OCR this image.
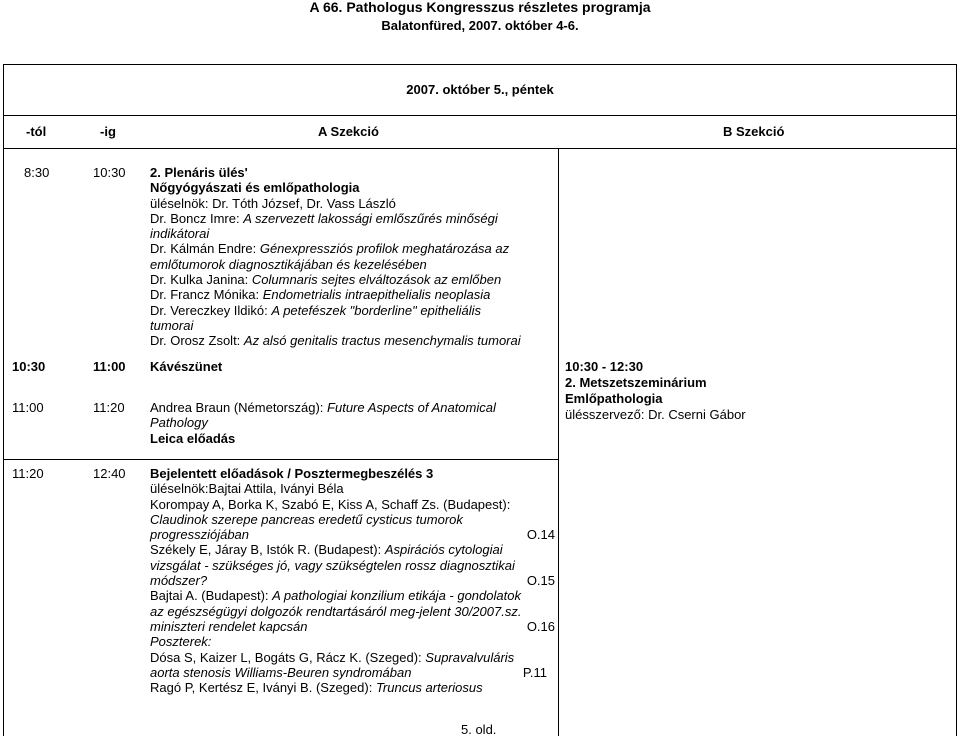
A 66. Pathologus Kongresszus részletes programja
Balatonfüred, 2007. október 4-6.
2007. október 5., péntek
-tól	-ig	A Szekció	B Szekció
8:30	10:30 2. Plenáris ülés'
Nőgyógyászati és emlőpathologia
üléselnök: Dr. Tóth József, Dr. Vass László
Dr. Boncz Imre: A szervezett lakossági emlőszűrés minőségi
indikátorai
Dr. Kálmán Endre: Génexpressziós profilok meghatározása az
emlőtumorok diagnosztikájában és kezelésében
Dr. Kulka Janina: Columnaris sejtes elváltozások az emlőben
Dr. Francz Mónika: Endometrialis intraepithelialis neoplasia
Dr. Vereczkey Ildikó: A petefészek "borderline" epitheliális
tumorai
Dr. Orosz Zsolt: Az alsó genitalis tractus mesenchymalis tumorai
10:30	11:00 Kávészünet	10:30 - 12:30
2. Metszetszeminárium
Emlőpathologia
ülésszervező: Dr. Cserni Gábor
11:00	11:20 Andrea Braun (Németország): Future Aspects of Anatomical
Pathology
Leica előadás
11:20	12:40 Bejelentett előadások / Posztermegbeszélés 3
üléselnök:Bajtai Attila, Iványi Béla
Korompay A, Borka K, Szabó E, Kiss A, Schaff Zs. (Budapest):
Claudinok szerepe pancreas eredetű cysticus tumorok
progressziójában	O.14
Székely E, Járay B, Istók R. (Budapest): Aspirációs cytologiai
vizsgálat - szükséges jó, vagy szükségtelen rossz diagnosztikai
módszer?	O.15
Bajtai A. (Budapest): A pathologiai konzilium etikája - gondolatok
az egészségügyi dolgozók rendtartásáról meg-jelent 30/2007.sz.
miniszteri rendelet kapcsán	O.16
Poszterek:
Dósa S, Kaizer L, Bogáts G, Rácz K. (Szeged): Supravalvuláris
aorta stenosis Williams-Beuren syndromában	P.11
Ragó P, Kertész E, Iványi B. (Szeged): Truncus arteriosus
5. old.
